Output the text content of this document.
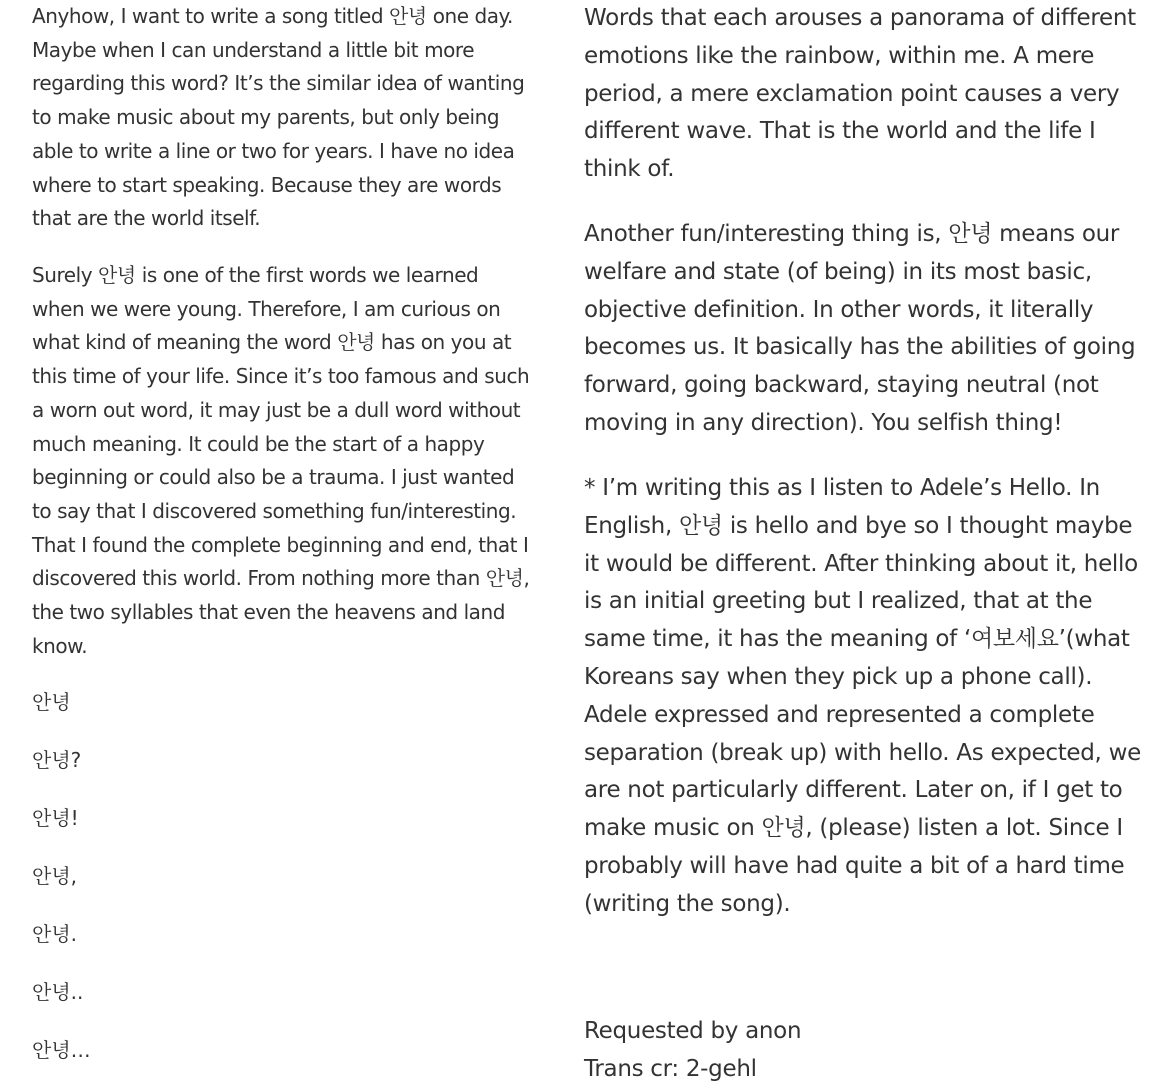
Anyhow, I want to write a song titled 안녕 one day. Maybe when I can understand a little bit more regarding this word? It’s the similar idea of wanting to make music about my parents, but only being able to write a line or two for years. I have no idea where to start speaking. Because they are words that are the world itself.

Surely 안녕 is one of the first words we learned when we were young. Therefore, I am curious on what kind of meaning the word 안녕 has on you at this time of your life. Since it’s too famous and such a worn out word, it may just be a dull word without much meaning. It could be the start of a happy beginning or could also be a trauma. I just wanted to say that I discovered something fun/interesting. That I found the complete beginning and end, that I discovered this world. From nothing more than 안녕, the two syllables that even the heavens and land know.

안녕

안녕?

안녕!

안녕,

안녕.

안녕..

안녕…

Words that each arouses a panorama of different emotions like the rainbow, within me. A mere period, a mere exclamation point causes a very different wave. That is the world and the life I think of.

Another fun/interesting thing is, 안녕 means our welfare and state (of being) in its most basic, objective definition. In other words, it literally becomes us. It basically has the abilities of going forward, going backward, staying neutral (not moving in any direction). You selfish thing!

* I’m writing this as I listen to Adele’s Hello. In English, 안녕 is hello and bye so I thought maybe it would be different. After thinking about it, hello is an initial greeting but I realized, that at the same time, it has the meaning of ‘여보세요’(what Koreans say when they pick up a phone call). Adele expressed and represented a complete separation (break up) with hello. As expected, we are not particularly different. Later on, if I get to make music on 안녕, (please) listen a lot. Since I probably will have had quite a bit of a hard time (writing the song).

Requested by anon

Trans cr: 2-gehl
